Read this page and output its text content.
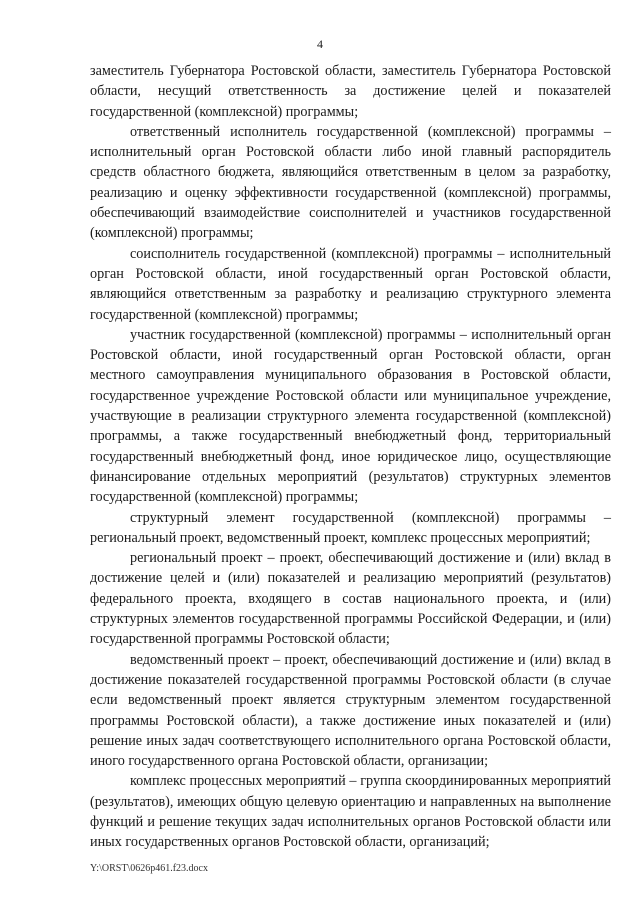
4

заместитель Губернатора Ростовской области, заместитель Губернатора Ростовской области, несущий ответственность за достижение целей и показателей государственной (комплексной) программы;

ответственный исполнитель государственной (комплексной) программы – исполнительный орган Ростовской области либо иной главный распорядитель средств областного бюджета, являющийся ответственным в целом за разработку, реализацию и оценку эффективности государственной (комплексной) программы, обеспечивающий взаимодействие соисполнителей и участников государственной (комплексной) программы;

соисполнитель государственной (комплексной) программы – исполнительный орган Ростовской области, иной государственный орган Ростовской области, являющийся ответственным за разработку и реализацию структурного элемента государственной (комплексной) программы;

участник государственной (комплексной) программы – исполнительный орган Ростовской области, иной государственный орган Ростовской области, орган местного самоуправления муниципального образования в Ростовской области, государственное учреждение Ростовской области или муниципальное учреждение, участвующие в реализации структурного элемента государственной (комплексной) программы, а также государственный внебюджетный фонд, территориальный государственный внебюджетный фонд, иное юридическое лицо, осуществляющие финансирование отдельных мероприятий (результатов) структурных элементов государственной (комплексной) программы;

структурный элемент государственной (комплексной) программы – региональный проект, ведомственный проект, комплекс процессных мероприятий;

региональный проект – проект, обеспечивающий достижение и (или) вклад в достижение целей и (или) показателей и реализацию мероприятий (результатов) федерального проекта, входящего в состав национального проекта, и (или) структурных элементов государственной программы Российской Федерации, и (или) государственной программы Ростовской области;

ведомственный проект – проект, обеспечивающий достижение и (или) вклад в достижение показателей государственной программы Ростовской области (в случае если ведомственный проект является структурным элементом государственной программы Ростовской области), а также достижение иных показателей и (или) решение иных задач соответствующего исполнительного органа Ростовской области, иного государственного органа Ростовской области, организации;

комплекс процессных мероприятий – группа скоординированных мероприятий (результатов), имеющих общую целевую ориентацию и направленных на выполнение функций и решение текущих задач исполнительных органов Ростовской области или иных государственных органов Ростовской области, организаций;

Y:\ORST\0626p461.f23.docx
